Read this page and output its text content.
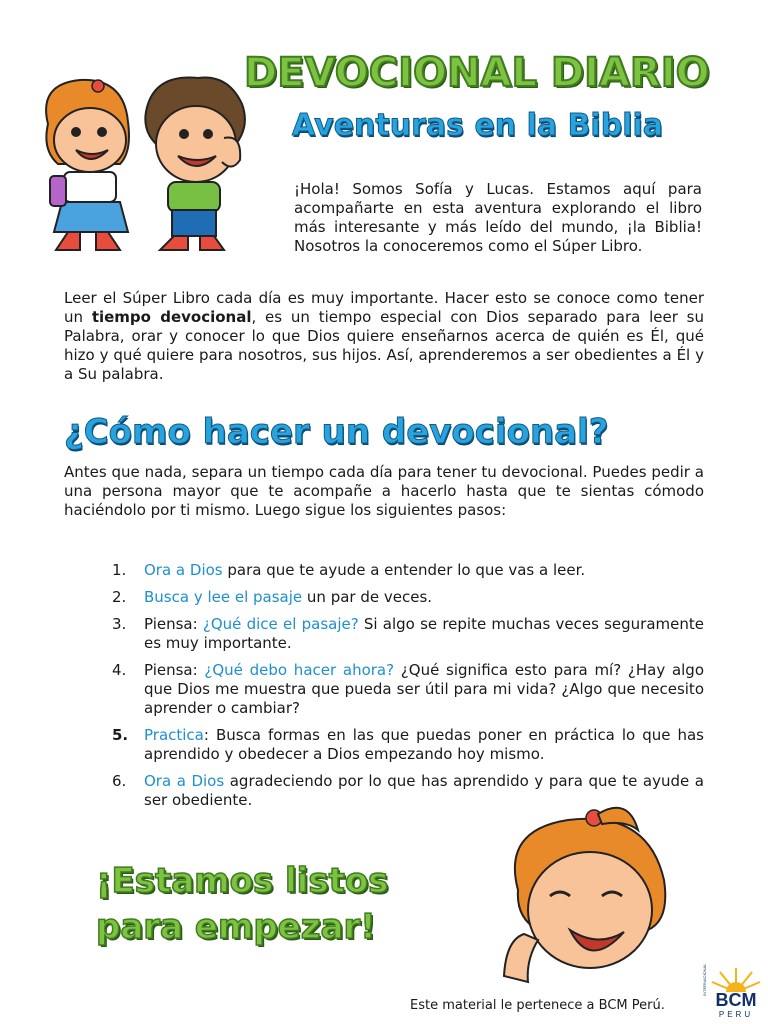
DEVOCIONAL DIARIO
Aventuras en la Biblia
¡Hola! Somos Sofía y Lucas. Estamos aquí para acompañarte en esta aventura explorando el libro más interesante y más leído del mundo, ¡la Biblia! Nosotros la conoceremos como el Súper Libro.
Leer el Súper Libro cada día es muy importante. Hacer esto se conoce como tener un tiempo devocional, es un tiempo especial con Dios separado para leer su Palabra, orar y conocer lo que Dios quiere enseñarnos acerca de quién es Él, qué hizo y qué quiere para nosotros, sus hijos. Así, aprenderemos a ser obedientes a Él y a Su palabra.
¿Cómo hacer un devocional?
Antes que nada, separa un tiempo cada día para tener tu devocional. Puedes pedir a una persona mayor que te acompañe a hacerlo hasta que te sientas cómodo haciéndolo por ti mismo. Luego sigue los siguientes pasos:
1. Ora a Dios para que te ayude a entender lo que vas a leer.
2. Busca y lee el pasaje un par de veces.
3. Piensa: ¿Qué dice el pasaje? Si algo se repite muchas veces seguramente es muy importante.
4. Piensa: ¿Qué debo hacer ahora? ¿Qué significa esto para mí? ¿Hay algo que Dios me muestra que pueda ser útil para mi vida? ¿Algo que necesito aprender o cambiar?
5. Practica: Busca formas en las que puedas poner en práctica lo que has aprendido y obedecer a Dios empezando hoy mismo.
6. Ora a Dios agradeciendo por lo que has aprendido y para que te ayude a ser obediente.
¡Estamos listos
para empezar!
Este material le pertenece a BCM Perú.	BCM
PERU
INTERNACIONAL
